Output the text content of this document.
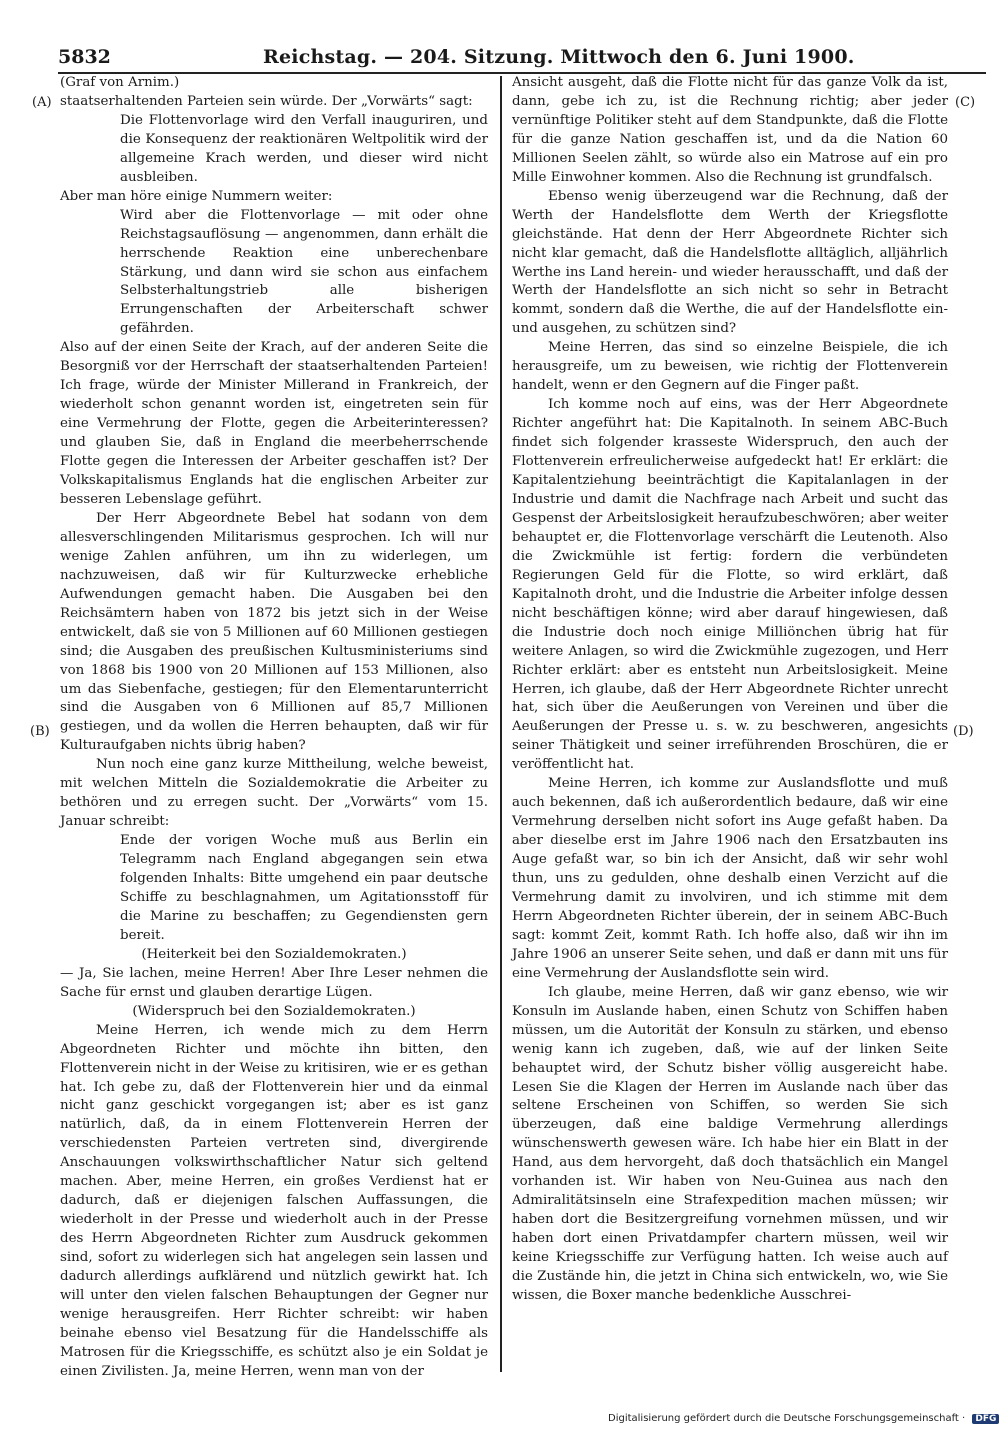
5832	Reichstag. — 204. Sitzung. Mittwoch den 6. Juni 1900.
(A)
(B)
(C)
(D)

(Graf von Arnim.)

staatserhaltenden Parteien sein würde. Der „Vorwärts“ sagt:

Die Flottenvorlage wird den Verfall inauguriren, und die Konsequenz der reaktionären Weltpolitik wird der allgemeine Krach werden, und dieser wird nicht ausbleiben.

Aber man höre einige Nummern weiter:

Wird aber die Flottenvorlage — mit oder ohne Reichstagsauflösung — angenommen, dann erhält die herrschende Reaktion eine unberechenbare Stärkung, und dann wird sie schon aus einfachem Selbsterhaltungstrieb alle bisherigen Errungenschaften der Arbeiterschaft schwer gefährden.

Also auf der einen Seite der Krach, auf der anderen Seite die Besorgniß vor der Herrschaft der staatserhaltenden Parteien! Ich frage, würde der Minister Millerand in Frankreich, der wiederholt schon genannt worden ist, eingetreten sein für eine Vermehrung der Flotte, gegen die Arbeiterinteressen? und glauben Sie, daß in England die meerbeherrschende Flotte gegen die Interessen der Arbeiter geschaffen ist? Der Volkskapitalismus Englands hat die englischen Arbeiter zur besseren Lebenslage geführt.

Der Herr Abgeordnete Bebel hat sodann von dem allesverschlingenden Militarismus gesprochen. Ich will nur wenige Zahlen anführen, um ihn zu widerlegen, um nachzuweisen, daß wir für Kulturzwecke erhebliche Aufwendungen gemacht haben. Die Ausgaben bei den Reichsämtern haben von 1872 bis jetzt sich in der Weise entwickelt, daß sie von 5 Millionen auf 60 Millionen gestiegen sind; die Ausgaben des preußischen Kultusministeriums sind von 1868 bis 1900 von 20 Millionen auf 153 Millionen, also um das Siebenfache, gestiegen; für den Elementarunterricht sind die Ausgaben von 6 Millionen auf 85,7 Millionen gestiegen, und da wollen die Herren behaupten, daß wir für Kulturaufgaben nichts übrig haben?

Nun noch eine ganz kurze Mittheilung, welche beweist, mit welchen Mitteln die Sozialdemokratie die Arbeiter zu bethören und zu erregen sucht. Der „Vorwärts“ vom 15. Januar schreibt:

Ende der vorigen Woche muß aus Berlin ein Telegramm nach England abgegangen sein etwa folgenden Inhalts: Bitte umgehend ein paar deutsche Schiffe zu beschlagnahmen, um Agitationsstoff für die Marine zu beschaffen; zu Gegendiensten gern bereit.

(Heiterkeit bei den Sozialdemokraten.)

— Ja, Sie lachen, meine Herren! Aber Ihre Leser nehmen die Sache für ernst und glauben derartige Lügen.

(Widerspruch bei den Sozialdemokraten.)

Meine Herren, ich wende mich zu dem Herrn Abgeordneten Richter und möchte ihn bitten, den Flottenverein nicht in der Weise zu kritisiren, wie er es gethan hat. Ich gebe zu, daß der Flottenverein hier und da einmal nicht ganz geschickt vorgegangen ist; aber es ist ganz natürlich, daß, da in einem Flottenverein Herren der verschiedensten Parteien vertreten sind, divergirende Anschauungen volkswirthschaftlicher Natur sich geltend machen. Aber, meine Herren, ein großes Verdienst hat er dadurch, daß er diejenigen falschen Auffassungen, die wiederholt in der Presse und wiederholt auch in der Presse des Herrn Abgeordneten Richter zum Ausdruck gekommen sind, sofort zu widerlegen sich hat angelegen sein lassen und dadurch allerdings aufklärend und nützlich gewirkt hat. Ich will unter den vielen falschen Behauptungen der Gegner nur wenige herausgreifen. Herr Richter schreibt: wir haben beinahe ebenso viel Besatzung für die Handelsschiffe als Matrosen für die Kriegsschiffe, es schützt also je ein Soldat je einen Zivilisten. Ja, meine Herren, wenn man von der

Ansicht ausgeht, daß die Flotte nicht für das ganze Volk da ist, dann, gebe ich zu, ist die Rechnung richtig; aber jeder vernünftige Politiker steht auf dem Standpunkte, daß die Flotte für die ganze Nation geschaffen ist, und da die Nation 60 Millionen Seelen zählt, so würde also ein Matrose auf ein pro Mille Einwohner kommen. Also die Rechnung ist grundfalsch.

Ebenso wenig überzeugend war die Rechnung, daß der Werth der Handelsflotte dem Werth der Kriegsflotte gleichstände. Hat denn der Herr Abgeordnete Richter sich nicht klar gemacht, daß die Handelsflotte alltäglich, alljährlich Werthe ins Land herein- und wieder herausschafft, und daß der Werth der Handelsflotte an sich nicht so sehr in Betracht kommt, sondern daß die Werthe, die auf der Handelsflotte ein- und ausgehen, zu schützen sind?

Meine Herren, das sind so einzelne Beispiele, die ich herausgreife, um zu beweisen, wie richtig der Flottenverein handelt, wenn er den Gegnern auf die Finger paßt.

Ich komme noch auf eins, was der Herr Abgeordnete Richter angeführt hat: Die Kapitalnoth. In seinem ABC-Buch findet sich folgender krasseste Widerspruch, den auch der Flottenverein erfreulicherweise aufgedeckt hat! Er erklärt: die Kapitalentziehung beeinträchtigt die Kapitalanlagen in der Industrie und damit die Nachfrage nach Arbeit und sucht das Gespenst der Arbeitslosigkeit heraufzubeschwören; aber weiter behauptet er, die Flottenvorlage verschärft die Leutenoth. Also die Zwickmühle ist fertig: fordern die verbündeten Regierungen Geld für die Flotte, so wird erklärt, daß Kapitalnoth droht, und die Industrie die Arbeiter infolge dessen nicht beschäftigen könne; wird aber darauf hingewiesen, daß die Industrie doch noch einige Milliönchen übrig hat für weitere Anlagen, so wird die Zwickmühle zugezogen, und Herr Richter erklärt: aber es entsteht nun Arbeitslosigkeit. Meine Herren, ich glaube, daß der Herr Abgeordnete Richter unrecht hat, sich über die Aeußerungen von Vereinen und über die Aeußerungen der Presse u. s. w. zu beschweren, angesichts seiner Thätigkeit und seiner irreführenden Broschüren, die er veröffentlicht hat.

Meine Herren, ich komme zur Auslandsflotte und muß auch bekennen, daß ich außerordentlich bedaure, daß wir eine Vermehrung derselben nicht sofort ins Auge gefaßt haben. Da aber dieselbe erst im Jahre 1906 nach den Ersatzbauten ins Auge gefaßt war, so bin ich der Ansicht, daß wir sehr wohl thun, uns zu gedulden, ohne deshalb einen Verzicht auf die Vermehrung damit zu involviren, und ich stimme mit dem Herrn Abgeordneten Richter überein, der in seinem ABC-Buch sagt: kommt Zeit, kommt Rath. Ich hoffe also, daß wir ihn im Jahre 1906 an unserer Seite sehen, und daß er dann mit uns für eine Vermehrung der Auslandsflotte sein wird.

Ich glaube, meine Herren, daß wir ganz ebenso, wie wir Konsuln im Auslande haben, einen Schutz von Schiffen haben müssen, um die Autorität der Konsuln zu stärken, und ebenso wenig kann ich zugeben, daß, wie auf der linken Seite behauptet wird, der Schutz bisher völlig ausgereicht habe. Lesen Sie die Klagen der Herren im Auslande nach über das seltene Erscheinen von Schiffen, so werden Sie sich überzeugen, daß eine baldige Vermehrung allerdings wünschenswerth gewesen wäre. Ich habe hier ein Blatt in der Hand, aus dem hervorgeht, daß doch thatsächlich ein Mangel vorhanden ist. Wir haben von Neu-Guinea aus nach den Admiralitätsinseln eine Strafexpedition machen müssen; wir haben dort die Besitzergreifung vornehmen müssen, und wir haben dort einen Privatdampfer chartern müssen, weil wir keine Kriegsschiffe zur Verfügung hatten. Ich weise auch auf die Zustände hin, die jetzt in China sich entwickeln, wo, wie Sie wissen, die Boxer manche bedenkliche Ausschrei-

Digitalisierung gefördert durch die Deutsche Forschungsgemeinschaft · DFG
